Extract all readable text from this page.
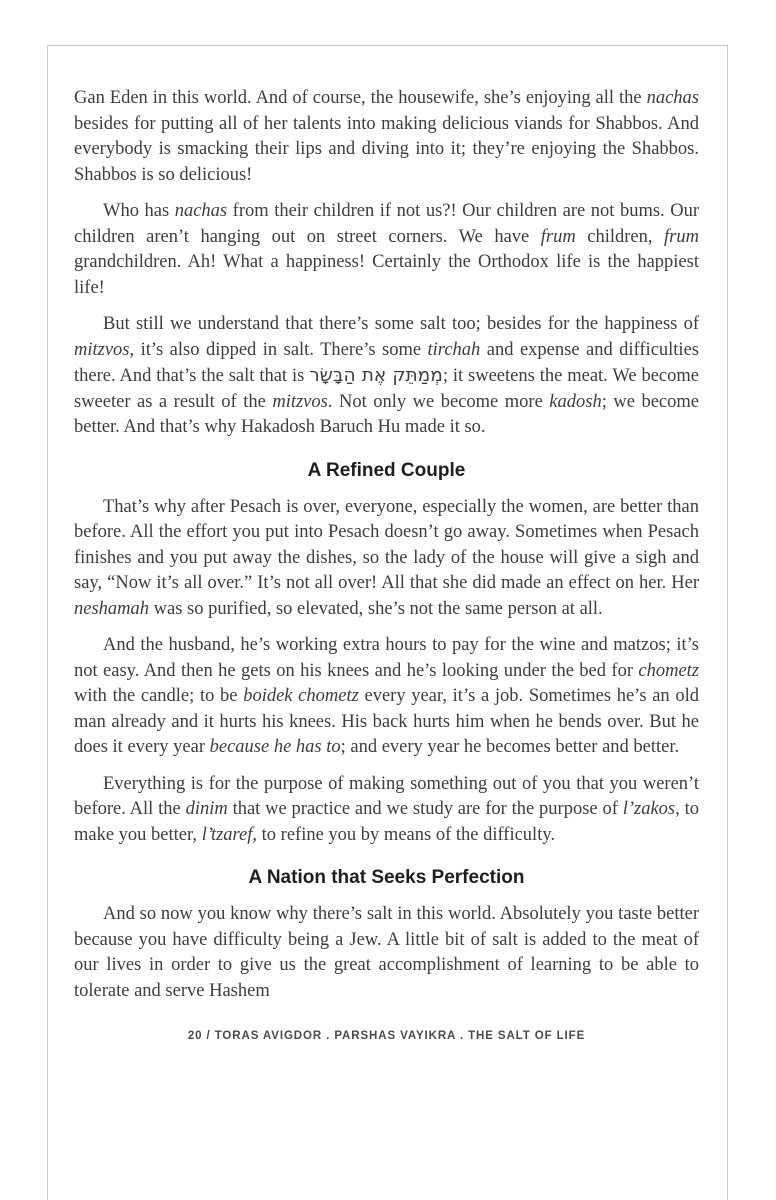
Gan Eden in this world. And of course, the housewife, she’s enjoying all the nachas besides for putting all of her talents into making delicious viands for Shabbos. And everybody is smacking their lips and diving into it; they’re enjoying the Shabbos. Shabbos is so delicious!

Who has nachas from their children if not us?! Our children are not bums. Our children aren’t hanging out on street corners. We have frum children, frum grandchildren. Ah! What a happiness! Certainly the Orthodox life is the happiest life!

But still we understand that there’s some salt too; besides for the happiness of mitzvos, it’s also dipped in salt. There’s some tirchah and expense and difficulties there. And that’s the salt that is מְמַתֵּק אֶת הַבָּשָׂר; it sweetens the meat. We become sweeter as a result of the mitzvos. Not only we become more kadosh; we become better. And that’s why Hakadosh Baruch Hu made it so.

A Refined Couple

That’s why after Pesach is over, everyone, especially the women, are better than before. All the effort you put into Pesach doesn’t go away. Sometimes when Pesach finishes and you put away the dishes, so the lady of the house will give a sigh and say, “Now it’s all over.” It’s not all over! All that she did made an effect on her. Her neshamah was so purified, so elevated, she’s not the same person at all.

And the husband, he’s working extra hours to pay for the wine and matzos; it’s not easy. And then he gets on his knees and he’s looking under the bed for chometz with the candle; to be boidek chometz every year, it’s a job. Sometimes he’s an old man already and it hurts his knees. His back hurts him when he bends over. But he does it every year because he has to; and every year he becomes better and better.

Everything is for the purpose of making something out of you that you weren’t before. All the dinim that we practice and we study are for the purpose of l’zakos, to make you better, l’tzaref, to refine you by means of the difficulty.

A Nation that Seeks Perfection

And so now you know why there’s salt in this world. Absolutely you taste better because you have difficulty being a Jew. A little bit of salt is added to the meat of our lives in order to give us the great accomplishment of learning to be able to tolerate and serve Hashem

20 / TORAS AVIGDOR . PARSHAS VAYIKRA . THE SALT OF LIFE
